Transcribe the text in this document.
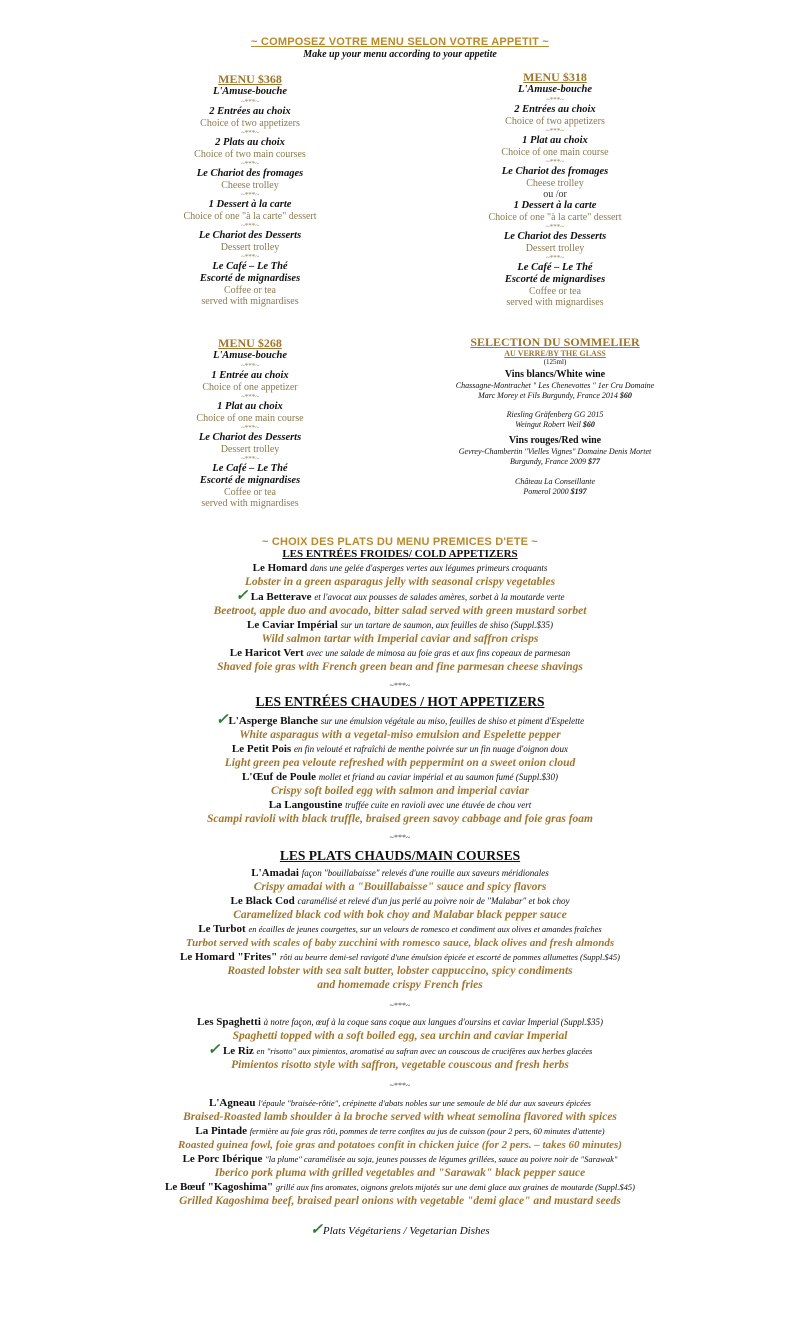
~ COMPOSEZ VOTRE MENU SELON VOTRE APPETIT ~
Make up your menu according to your appetite
MENU $368
L'Amuse-bouche
~***~
2 Entrées au choix
Choice of two appetizers
~***~
2 Plats au choix
Choice of two main courses
~***~
Le Chariot des fromages
Cheese trolley
~***~
1 Dessert à la carte
Choice of one "à la carte" dessert
~***~
Le Chariot des Desserts
Dessert trolley
~***~
Le Café – Le Thé
Escorté de mignardises
Coffee or tea
served with mignardises
MENU $318
L'Amuse-bouche
~***~
2 Entrées au choix
Choice of two appetizers
~***~
1 Plat au choix
Choice of one main course
~***~
Le Chariot des fromages
Cheese trolley
ou /or
1 Dessert à la carte
Choice of one "à la carte" dessert
~***~
Le Chariot des Desserts
Dessert trolley
~***~
Le Café – Le Thé
Escorté de mignardises
Coffee or tea
served with mignardises
MENU $268
L'Amuse-bouche
~***~
1 Entrée au choix
Choice of one appetizer
~***~
1 Plat au choix
Choice of one main course
~***~
Le Chariot des Desserts
Dessert trolley
~***~
Le Café – Le Thé
Escorté de mignardises
Coffee or tea
served with mignardises
SELECTION DU SOMMELIER
AU VERRE/BY THE GLASS
(125ml)
Vins blancs/White wine
Chassagne-Montrachet " Les Chenevottes " 1er Cru Domaine
Marc Morey et Fils Burgundy, France 2014 $60
Riesling Gräfenberg GG 2015
Weingut Robert Weil $60
Vins rouges/Red wine
Gevrey-Chambertin "Vielles Vignes" Domaine Denis Mortet
Burgundy, France 2009 $77
Château La Conseillante
Pomerol 2000 $197
~ CHOIX DES PLATS DU MENU PREMICES D'ETE ~
LES ENTRÉES FROIDES/ COLD APPETIZERS
Le Homard dans une gelée d'asperges vertes aux légumes primeurs croquants
Lobster in a green asparagus jelly with seasonal crispy vegetables
✓ La Betterave et l'avocat aux pousses de salades amères, sorbet à la moutarde verte
Beetroot, apple duo and avocado, bitter salad served with green mustard sorbet
Le Caviar Impérial sur un tartare de saumon, aux feuilles de shiso (Suppl.$35)
Wild salmon tartar with Imperial caviar and saffron crisps
Le Haricot Vert avec une salade de mimosa au foie gras et aux fins copeaux de parmesan
Shaved foie gras with French green bean and fine parmesan cheese shavings
~***~
LES ENTRÉES CHAUDES / HOT APPETIZERS
✓L'Asperge Blanche sur une émulsion végétale au miso, feuilles de shiso et piment d'Espelette
White asparagus with a vegetal-miso emulsion and Espelette pepper
Le Petit Pois en fin velouté et rafraîchi de menthe poivrée sur un fin nuage d'oignon doux
Light green pea veloute refreshed with peppermint on a sweet onion cloud
L'Œuf de Poule mollet et friand au caviar impérial et au saumon fumé (Suppl.$30)
Crispy soft boiled egg with salmon and imperial caviar
La Langoustine truffée cuite en ravioli avec une étuvée de chou vert
Scampi ravioli with black truffle, braised green savoy cabbage and foie gras foam
~***~
LES PLATS CHAUDS/MAIN COURSES
L'Amadai façon "bouillabaisse" relevés d'une rouille aux saveurs méridionales
Crispy amadai with a "Bouillabaisse" sauce and spicy flavors
Le Black Cod caramélisé et relevé d'un jus perlé au poivre noir de "Malabar" et bok choy
Caramelized black cod with bok choy and Malabar black pepper sauce
Le Turbot en écailles de jeunes courgettes, sur un velours de romesco et condiment aux olives et amandes fraîches
Turbot served with scales of baby zucchini with romesco sauce, black olives and fresh almonds
Le Homard "Frites" rôti au beurre demi-sel ravigoté d'une émulsion épicée et escorté de pommes allumettes (Suppl.$45)
Roasted lobster with sea salt butter, lobster cappuccino, spicy condiments
and homemade crispy French fries
~***~
Les Spaghetti à notre façon, œuf à la coque sans coque aux langues d'oursins et caviar Imperial (Suppl.$35)
Spaghetti topped with a soft boiled egg, sea urchin and caviar Imperial
✓ Le Riz en "risotto" aux pimientos, aromatisé au safran avec un couscous de crucifères aux herbes glacées
Pimientos risotto style with saffron, vegetable couscous and fresh herbs
~***~
L'Agneau l'épaule "braisée-rôtie", crépinette d'abats nobles sur une semoule de blé dur aux saveurs épicées
Braised-Roasted lamb shoulder à la broche served with wheat semolina flavored with spices
La Pintade fermière au foie gras rôti, pommes de terre confites au jus de cuisson (pour 2 pers, 60 minutes d'attente)
Roasted guinea fowl, foie gras and potatoes confit in chicken juice (for 2 pers. – takes 60 minutes)
Le Porc Ibérique "la plume" caramélisée au soja, jeunes pousses de légumes grillées, sauce au poivre noir de "Sarawak"
Iberico pork pluma with grilled vegetables and "Sarawak" black pepper sauce
Le Bœuf "Kagoshima" grillé aux fins aromates, oignons grelots mijotés sur une demi glace aux graines de moutarde (Suppl.$45)
Grilled Kagoshima beef, braised pearl onions with vegetable "demi glace" and mustard seeds
✓Plats Végétariens / Vegetarian Dishes
